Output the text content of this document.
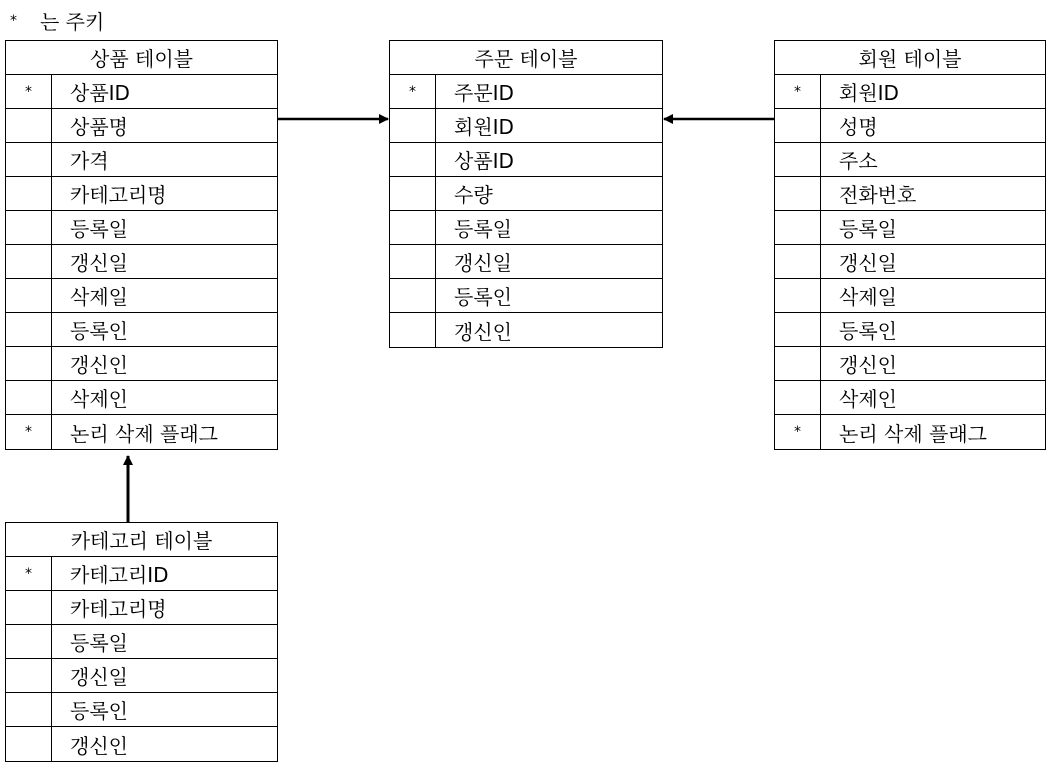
*	는 주키
상품 테이블
*	상품ID
상품명
가격
카테고리명
등록일
갱신일
삭제일
등록인
갱신인
삭제인
*	논리 삭제 플래그
주문 테이블
*	주문ID
회원ID
상품ID
수량
등록일
갱신일
등록인
갱신인
회원 테이블
*	회원ID
성명
주소
전화번호
등록일
갱신일
삭제일
등록인
갱신인
삭제인
*	논리 삭제 플래그
카테고리 테이블
*	카테고리ID
카테고리명
등록일
갱신일
등록인
갱신인
